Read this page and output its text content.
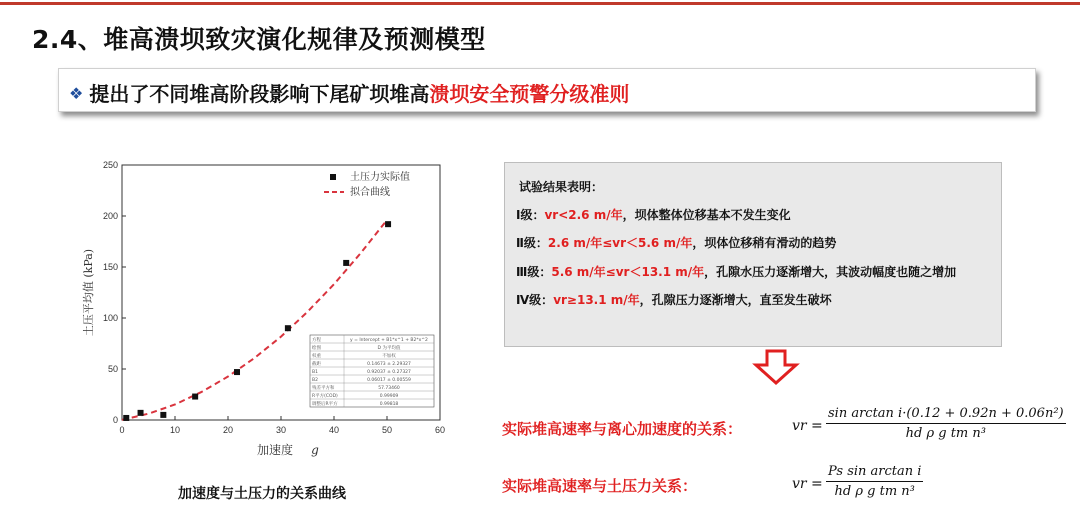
2.4、堆高溃坝致灾演化规律及预测模型
❖ 提出了不同堆高阶段影响下尾矿坝堆高溃坝安全预警分级准则
0	10	20	30	40	50	60
0
50
100
150
200
250
加速度 g
土压平均值 (kPa)
方程	y = Intercept + B1*x^1 + B2*x^2
绘图	D 为平均值
权重	不加权
截距	0.14673 ± 2.29327
B1	0.92037 ± 0.27327
B2	0.06017 ± 0.00559
残差平方和	57.73460
R平方(COD)	0.99909
调整后R平方	0.99818
土压力实际值
拟合曲线
加速度与土压力的关系曲线
试验结果表明：
Ⅰ级：vr<2.6 m/年，坝体整体位移基本不发生变化
Ⅱ级：2.6 m/年≤vr＜5.6 m/年，坝体位移稍有滑动的趋势
Ⅲ级：5.6 m/年≤vr＜13.1 m/年，孔隙水压力逐渐增大，其波动幅度也随之增加
Ⅳ级：vr≥13.1 m/年，孔隙压力逐渐增大，直至发生破坏
实际堆高速率与离心加速度的关系：	vr = $\frac{\text{sin arctan i·(0.12 + 0.92n + 0.06n²)}}{\text{hd ρ g tm n³}}$
实际堆高速率与土压力关系：	vr = $\frac{\text{Ps sin arctan i}}{\text{hd ρ g tm n³}}$
